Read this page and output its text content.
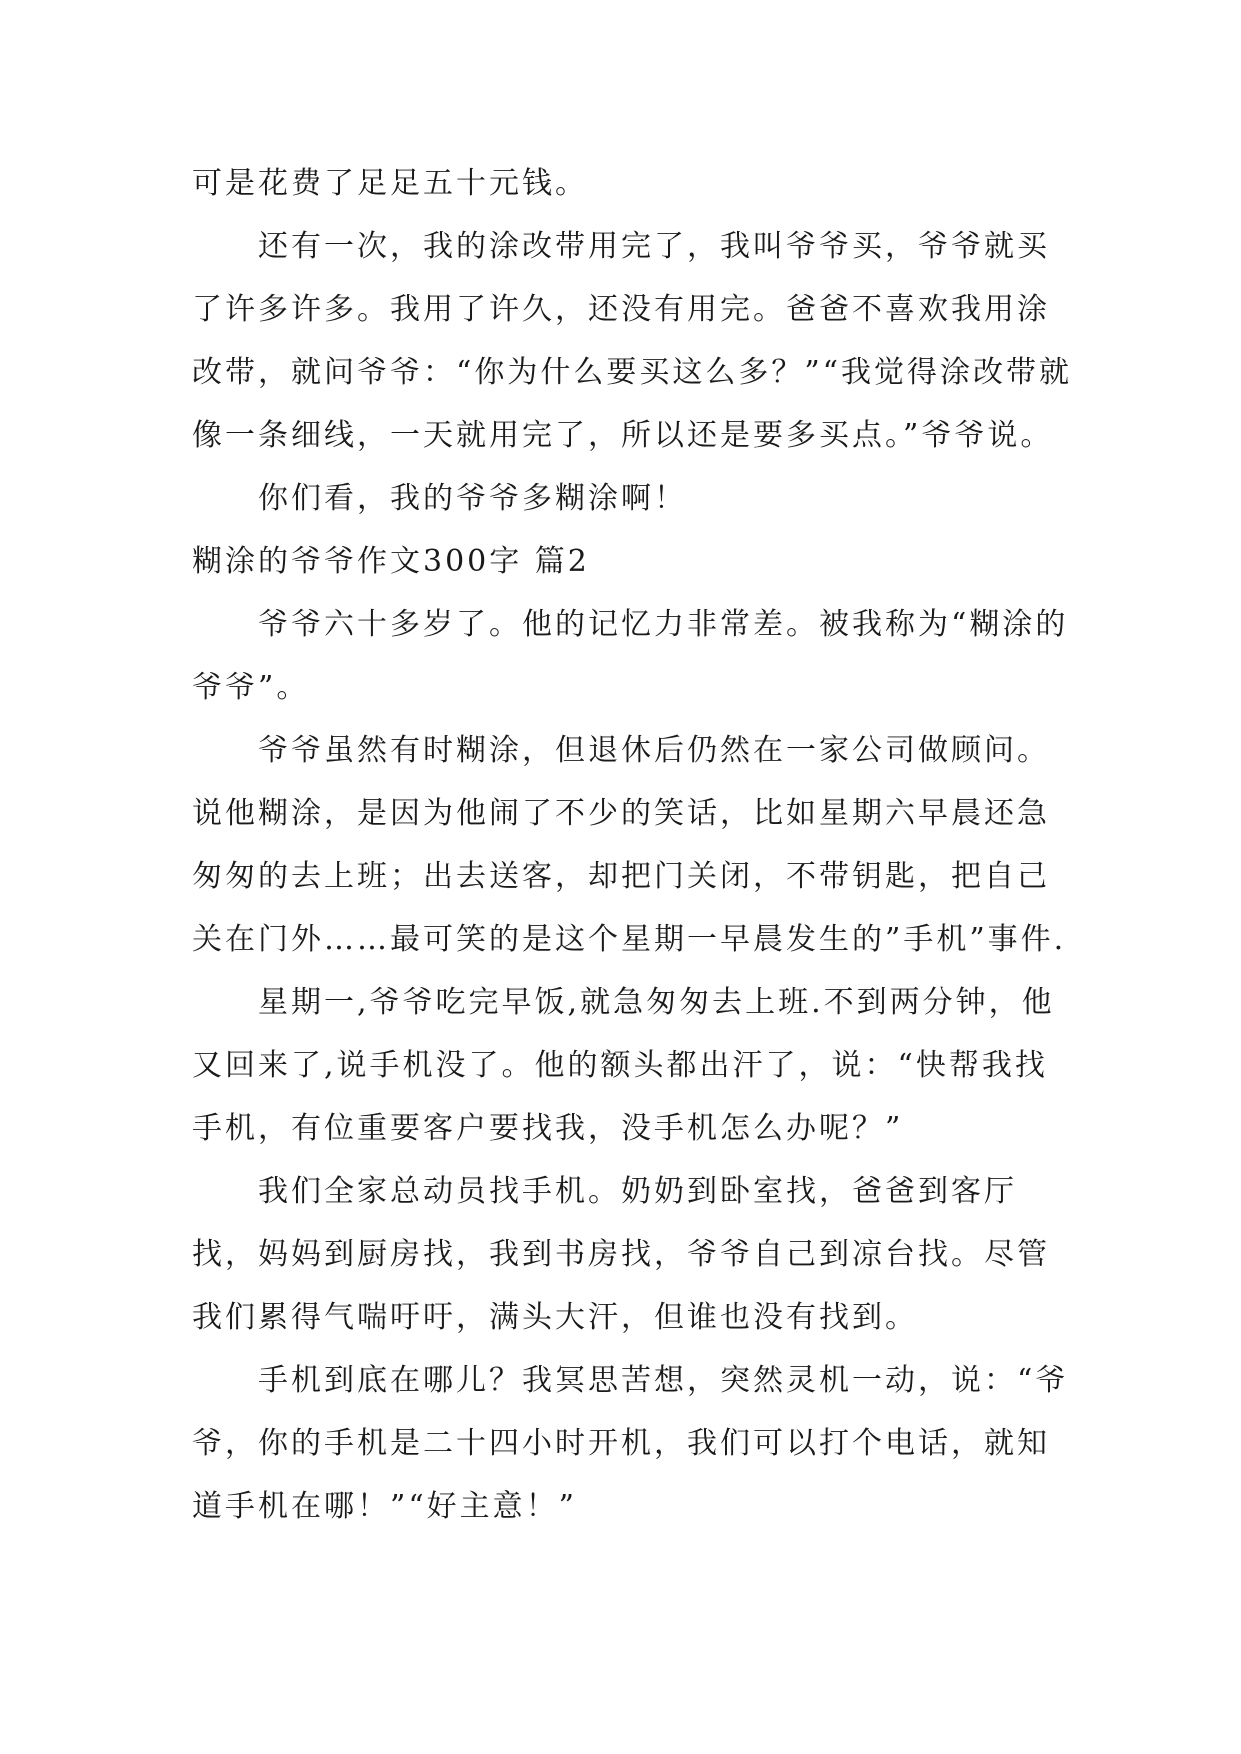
可是花费了足足五十元钱。

还有一次，我的涂改带用完了，我叫爷爷买，爷爷就买了许多许多。我用了许久，还没有用完。爸爸不喜欢我用涂改带，就问爷爷：“你为什么要买这么多？”“我觉得涂改带就像一条细线，一天就用完了，所以还是要多买点。”爷爷说。

你们看，我的爷爷多糊涂啊！

糊涂的爷爷作文300字 篇2

爷爷六十多岁了。他的记忆力非常差。被我称为“糊涂的爷爷”。

爷爷虽然有时糊涂，但退休后仍然在一家公司做顾问。说他糊涂，是因为他闹了不少的笑话，比如星期六早晨还急匆匆的去上班；出去送客，却把门关闭，不带钥匙，把自己关在门外……最可笑的是这个星期一早晨发生的”手机”事件.

星期一,爷爷吃完早饭,就急匆匆去上班.不到两分钟，他又回来了,说手机没了。他的额头都出汗了，说：“快帮我找手机，有位重要客户要找我，没手机怎么办呢？”

我们全家总动员找手机。奶奶到卧室找，爸爸到客厅找，妈妈到厨房找，我到书房找，爷爷自己到凉台找。尽管我们累得气喘吁吁，满头大汗，但谁也没有找到。

手机到底在哪儿？我冥思苦想，突然灵机一动，说：“爷爷，你的手机是二十四小时开机，我们可以打个电话，就知道手机在哪！”“好主意！”
